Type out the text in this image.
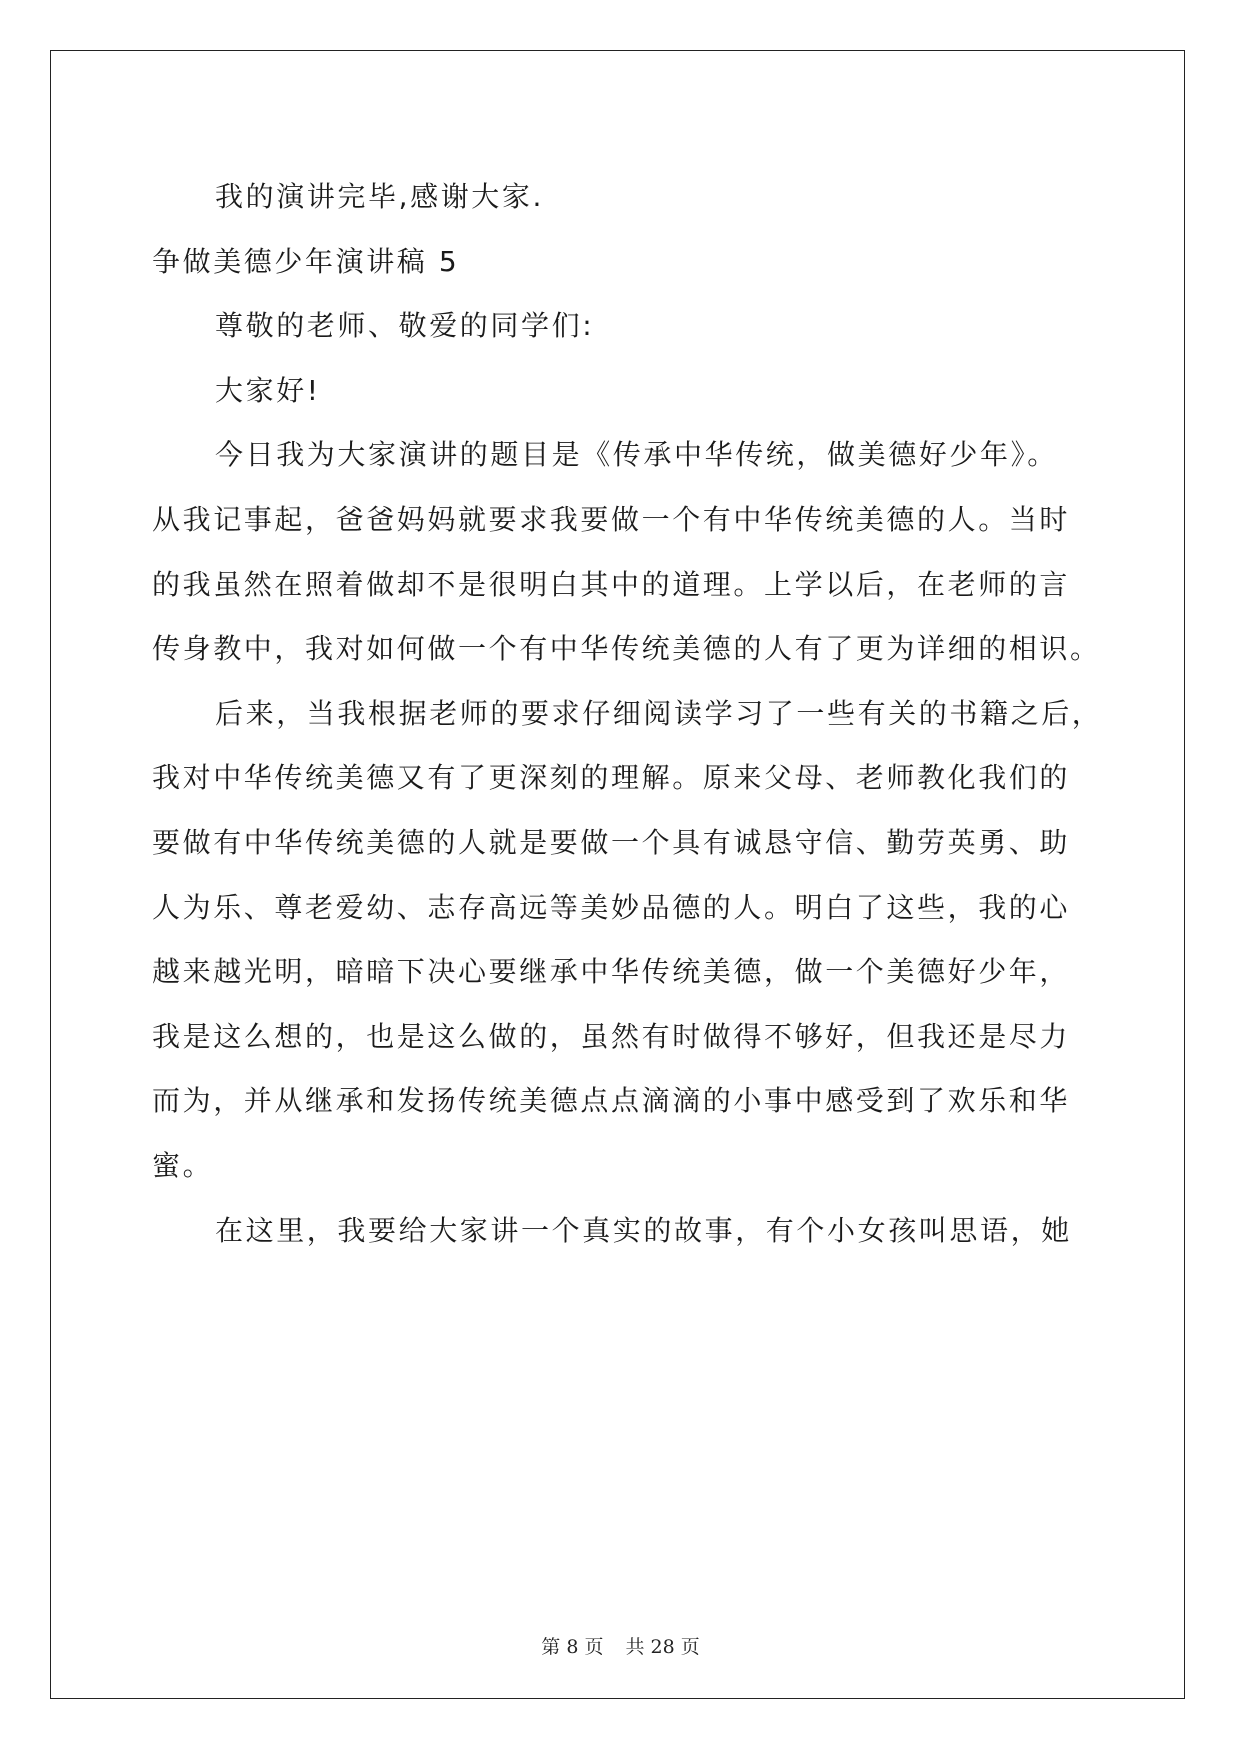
我的演讲完毕,感谢大家.
争做美德少年演讲稿 5
尊敬的老师、敬爱的同学们:
大家好!
今日我为大家演讲的题目是《传承中华传统，做美德好少年》。
从我记事起，爸爸妈妈就要求我要做一个有中华传统美德的人。当时
的我虽然在照着做却不是很明白其中的道理。上学以后，在老师的言
传身教中，我对如何做一个有中华传统美德的人有了更为详细的相识。
后来，当我根据老师的要求仔细阅读学习了一些有关的书籍之后，
我对中华传统美德又有了更深刻的理解。原来父母、老师教化我们的
要做有中华传统美德的人就是要做一个具有诚恳守信、勤劳英勇、助
人为乐、尊老爱幼、志存高远等美妙品德的人。明白了这些，我的心
越来越光明，暗暗下决心要继承中华传统美德，做一个美德好少年，
我是这么想的，也是这么做的，虽然有时做得不够好，但我还是尽力
而为，并从继承和发扬传统美德点点滴滴的小事中感受到了欢乐和华
蜜。
在这里，我要给大家讲一个真实的故事，有个小女孩叫思语，她
第 8 页 共 28 页
